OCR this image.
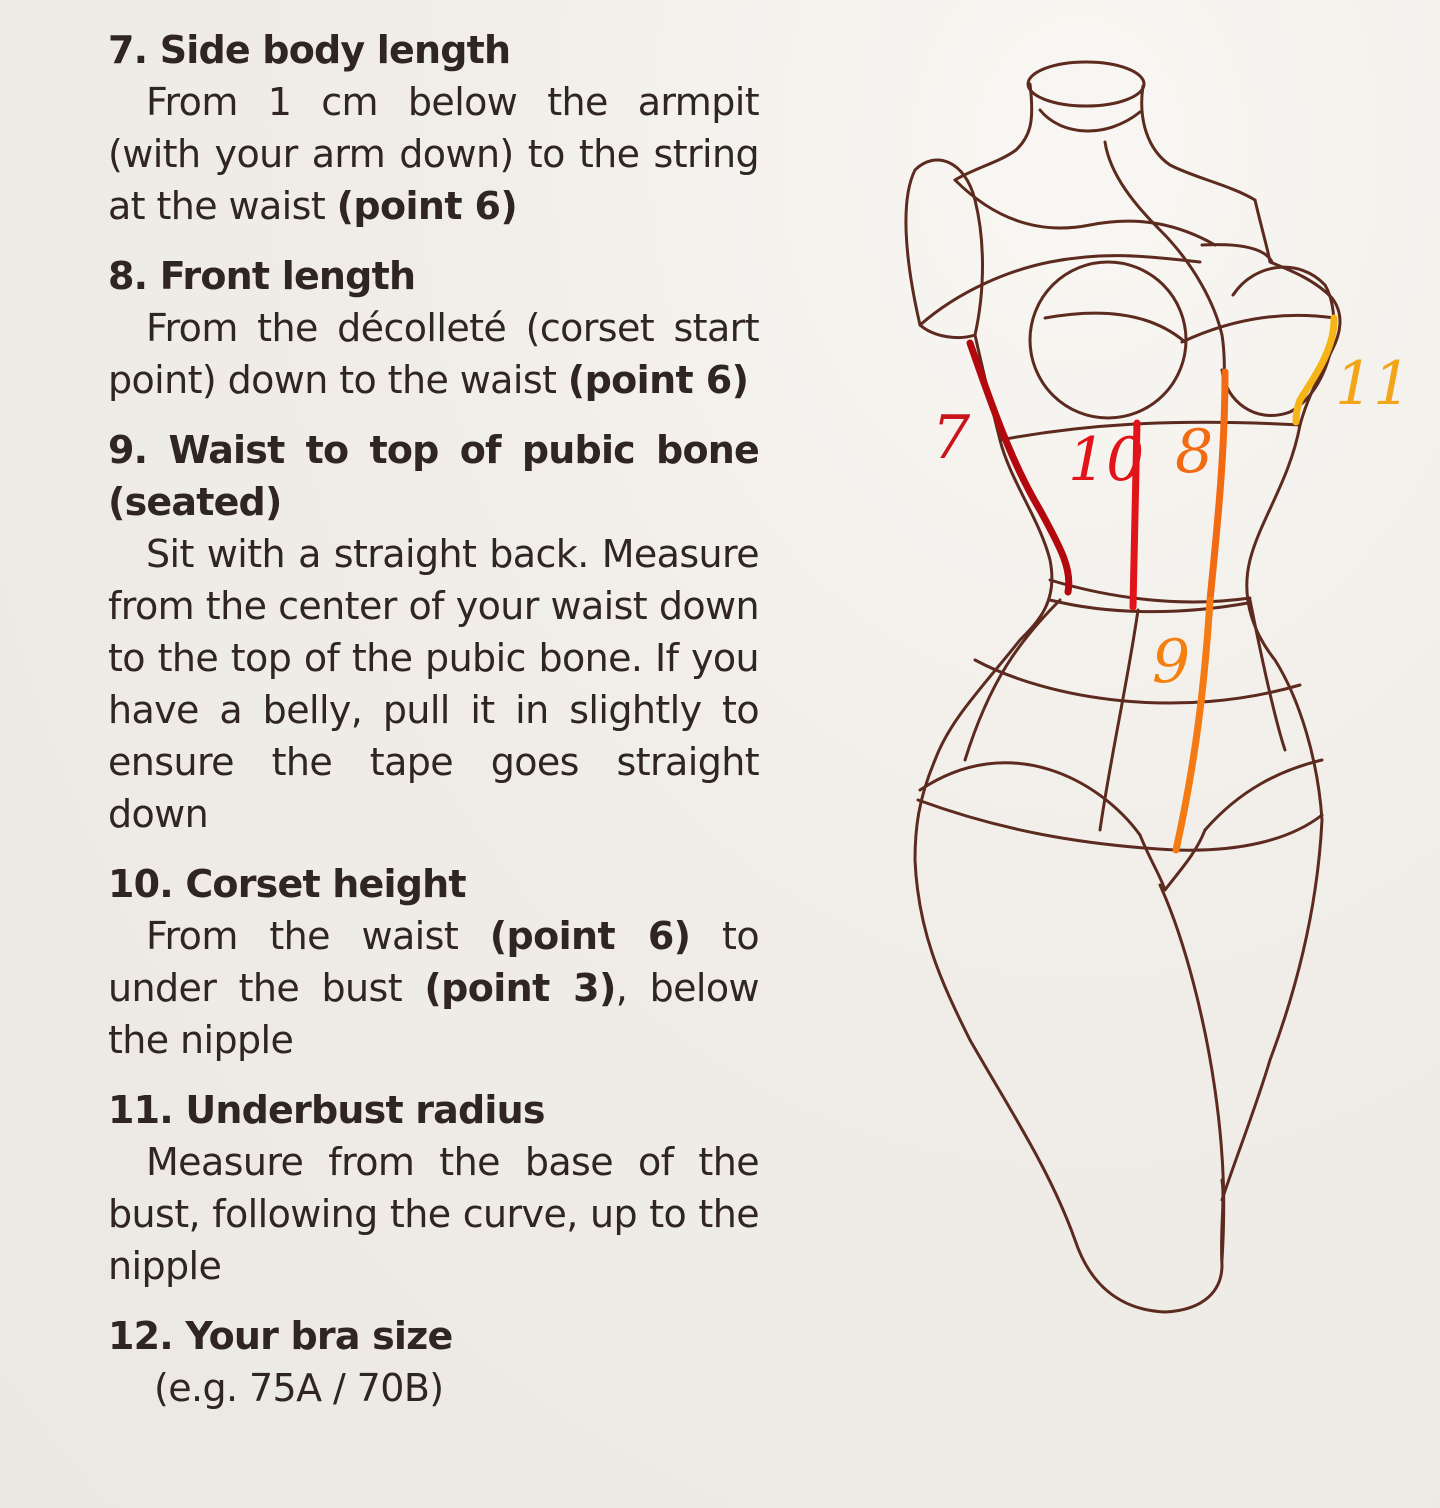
7. Side body length
From 1 cm below the armpit (with your arm down) to the string at the waist (point 6)
8. Front length
From the décolleté (corset start point) down to the waist (point 6)
9. Waist to top of pubic bone (seated)
Sit with a straight back. Measure from the center of your waist down to the top of the pubic bone. If you have a belly, pull it in slightly to ensure the tape goes straight down
10. Corset height
From the waist (point 6) to under the bust (point 3), below the nipple
11. Underbust radius
Measure from the base of the bust, following the curve, up to the nipple
12. Your bra size
(e.g. 75A / 70B)
7 10 8
9
11
